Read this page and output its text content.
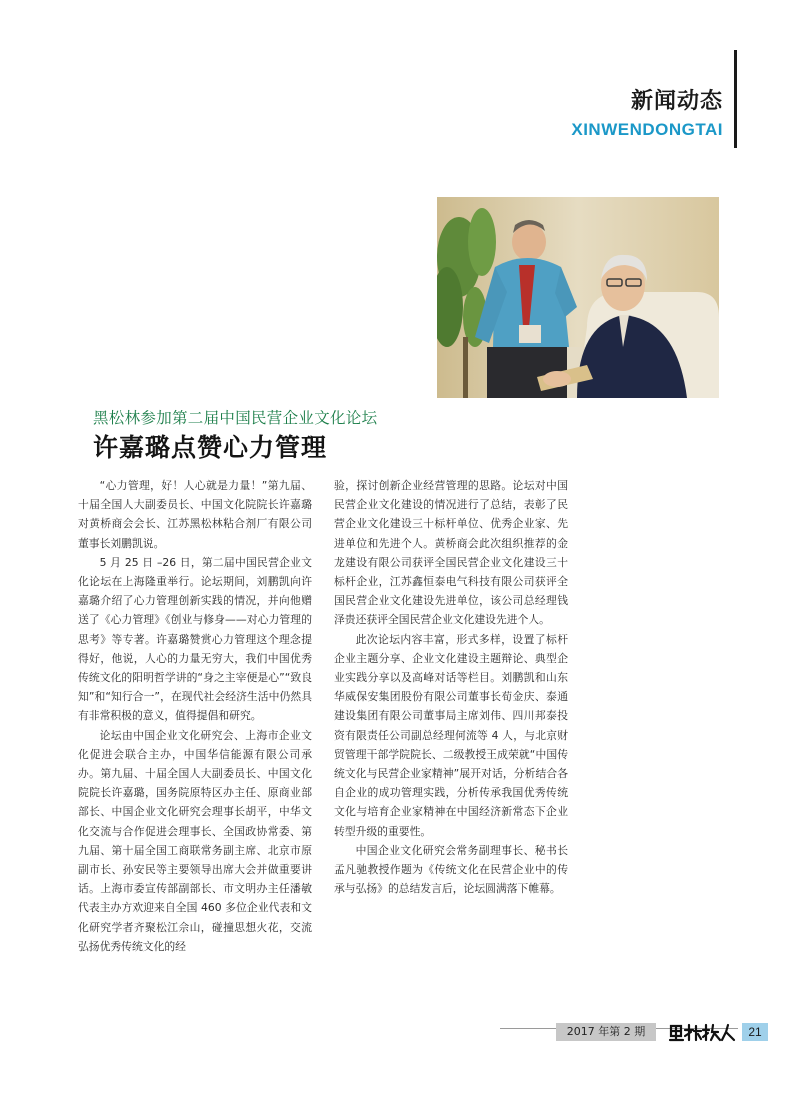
新闻动态
XINWENDONGTAI
黑松林参加第二届中国民营企业文化论坛
许嘉璐点赞心力管理

“心力管理，好！人心就是力量！”第九届、十届全国人大副委员长、中国文化院院长许嘉璐对黄桥商会会长、江苏黑松林粘合剂厂有限公司董事长刘鹏凯说。

5 月 25 日 –26 日，第二届中国民营企业文化论坛在上海隆重举行。论坛期间，刘鹏凯向许嘉璐介绍了心力管理创新实践的情况，并向他赠送了《心力管理》《创业与修身——对心力管理的思考》等专著。许嘉璐赞赏心力管理这个理念提得好，他说，人心的力量无穷大，我们中国优秀传统文化的阳明哲学讲的“身之主宰便是心”“致良知”和“知行合一”，在现代社会经济生活中仍然具有非常积极的意义，值得提倡和研究。

论坛由中国企业文化研究会、上海市企业文化促进会联合主办，中国华信能源有限公司承办。第九届、十届全国人大副委员长、中国文化院院长许嘉璐，国务院原特区办主任、原商业部部长、中国企业文化研究会理事长胡平，中华文化交流与合作促进会理事长、全国政协常委、第九届、第十届全国工商联常务副主席、北京市原副市长、孙安民等主要领导出席大会并做重要讲话。上海市委宣传部副部长、市文明办主任潘敏代表主办方欢迎来自全国 460 多位企业代表和文化研究学者齐聚松江佘山，碰撞思想火花，交流弘扬优秀传统文化的经

验，探讨创新企业经营管理的思路。论坛对中国民营企业文化建设的情况进行了总结，表彰了民营企业文化建设三十标杆单位、优秀企业家、先进单位和先进个人。黄桥商会此次组织推荐的金龙建设有限公司获评全国民营企业文化建设三十标杆企业，江苏鑫恒泰电气科技有限公司获评全国民营企业文化建设先进单位，该公司总经理钱泽贵还获评全国民营企业文化建设先进个人。

此次论坛内容丰富，形式多样，设置了标杆企业主题分享、企业文化建设主题辩论、典型企业实践分享以及高峰对话等栏目。刘鹏凯和山东华威保安集团股份有限公司董事长荀金庆、泰通建设集团有限公司董事局主席刘伟、四川邦泰投资有限责任公司副总经理何流等 4 人，与北京财贸管理干部学院院长、二级教授王成荣就“中国传统文化与民营企业家精神”展开对话，分析结合各自企业的成功管理实践，分析传承我国优秀传统文化与培育企业家精神在中国经济新常态下企业转型升级的重要性。

中国企业文化研究会常务副理事长、秘书长孟凡驰教授作题为《传统文化在民营企业中的传承与弘扬》的总结发言后，论坛圆满落下帷幕。

2017 年第 2 期	21
